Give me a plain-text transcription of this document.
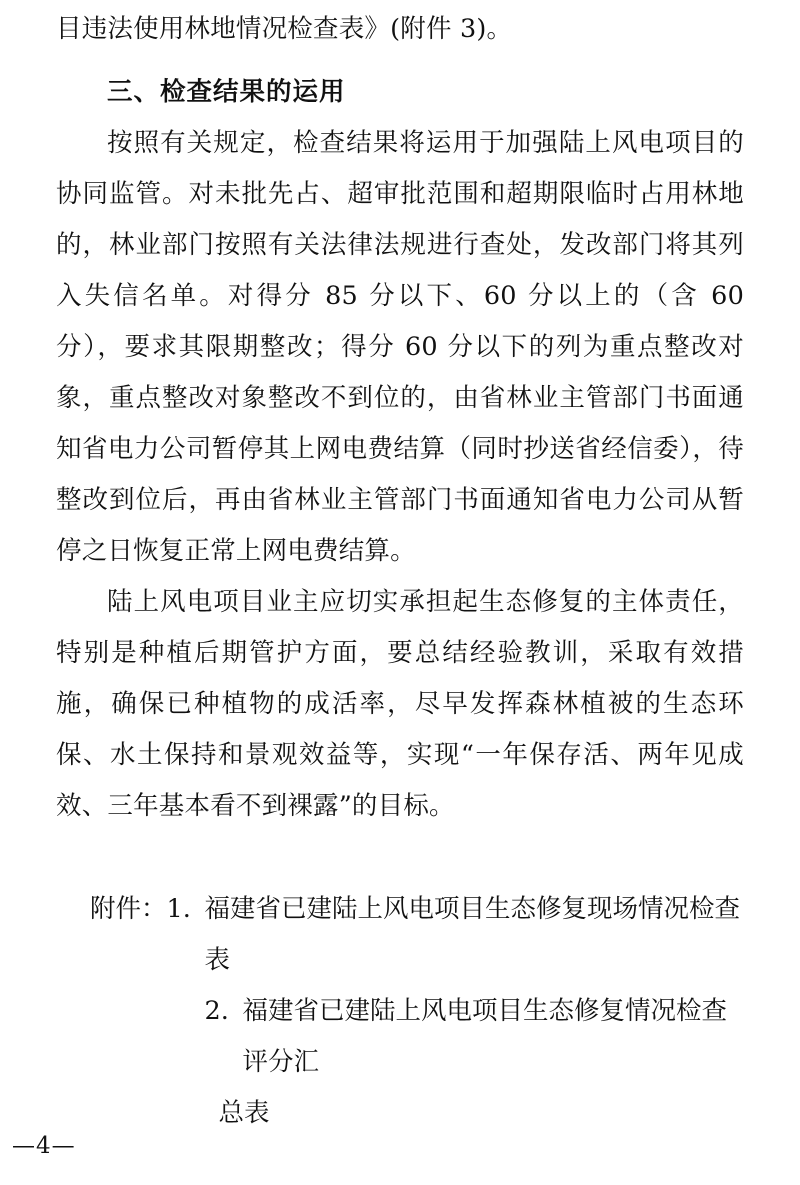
目违法使用林地情况检查表》(附件 3)。

三、检查结果的运用

按照有关规定，检查结果将运用于加强陆上风电项目的协同监管。对未批先占、超审批范围和超期限临时占用林地的，林业部门按照有关法律法规进行查处，发改部门将其列入失信名单。对得分 85 分以下、60 分以上的（含 60 分），要求其限期整改；得分 60 分以下的列为重点整改对象，重点整改对象整改不到位的，由省林业主管部门书面通知省电力公司暂停其上网电费结算（同时抄送省经信委），待整改到位后，再由省林业主管部门书面通知省电力公司从暂停之日恢复正常上网电费结算。

陆上风电项目业主应切实承担起生态修复的主体责任，特别是种植后期管护方面，要总结经验教训，采取有效措施，确保已种植物的成活率，尽早发挥森林植被的生态环保、水土保持和景观效益等，实现“一年保存活、两年见成效、三年基本看不到裸露”的目标。

附件： 1. 福建省已建陆上风电项目生态修复现场情况检查表
2. 福建省已建陆上风电项目生态修复情况检查评分汇
总表
—4—
